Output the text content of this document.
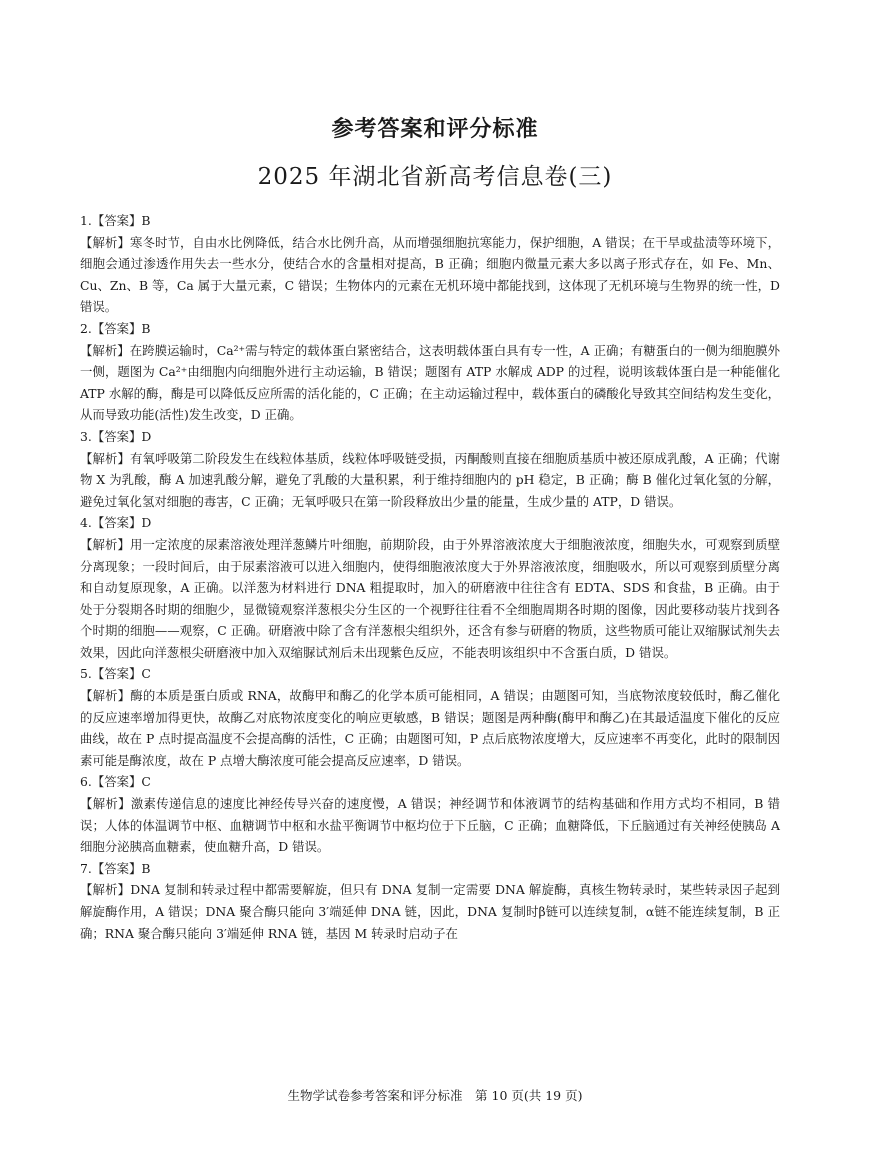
参考答案和评分标准
2025 年湖北省新高考信息卷(三)
1.【答案】B
【解析】寒冬时节，自由水比例降低，结合水比例升高，从而增强细胞抗寒能力，保护细胞，A 错误；在干旱或盐渍等环境下，细胞会通过渗透作用失去一些水分，使结合水的含量相对提高，B 正确；细胞内微量元素大多以离子形式存在，如 Fe、Mn、Cu、Zn、B 等，Ca 属于大量元素，C 错误；生物体内的元素在无机环境中都能找到，这体现了无机环境与生物界的统一性，D 错误。
2.【答案】B
【解析】在跨膜运输时，Ca²⁺需与特定的载体蛋白紧密结合，这表明载体蛋白具有专一性，A 正确；有糖蛋白的一侧为细胞膜外一侧，题图为 Ca²⁺由细胞内向细胞外进行主动运输，B 错误；题图有 ATP 水解成 ADP 的过程，说明该载体蛋白是一种能催化 ATP 水解的酶，酶是可以降低反应所需的活化能的，C 正确；在主动运输过程中，载体蛋白的磷酸化导致其空间结构发生变化，从而导致功能(活性)发生改变，D 正确。
3.【答案】D
【解析】有氧呼吸第二阶段发生在线粒体基质，线粒体呼吸链受损，丙酮酸则直接在细胞质基质中被还原成乳酸，A 正确；代谢物 X 为乳酸，酶 A 加速乳酸分解，避免了乳酸的大量积累，利于维持细胞内的 pH 稳定，B 正确；酶 B 催化过氧化氢的分解，避免过氧化氢对细胞的毒害，C 正确；无氧呼吸只在第一阶段释放出少量的能量，生成少量的 ATP，D 错误。
4.【答案】D
【解析】用一定浓度的尿素溶液处理洋葱鳞片叶细胞，前期阶段，由于外界溶液浓度大于细胞液浓度，细胞失水，可观察到质壁分离现象；一段时间后，由于尿素溶液可以进入细胞内，使得细胞液浓度大于外界溶液浓度，细胞吸水，所以可观察到质壁分离和自动复原现象，A 正确。以洋葱为材料进行 DNA 粗提取时，加入的研磨液中往往含有 EDTA、SDS 和食盐，B 正确。由于处于分裂期各时期的细胞少，显微镜观察洋葱根尖分生区的一个视野往往看不全细胞周期各时期的图像，因此要移动装片找到各个时期的细胞——观察，C 正确。研磨液中除了含有洋葱根尖组织外，还含有参与研磨的物质，这些物质可能让双缩脲试剂失去效果，因此向洋葱根尖研磨液中加入双缩脲试剂后未出现紫色反应，不能表明该组织中不含蛋白质，D 错误。
5.【答案】C
【解析】酶的本质是蛋白质或 RNA，故酶甲和酶乙的化学本质可能相同，A 错误；由题图可知，当底物浓度较低时，酶乙催化的反应速率增加得更快，故酶乙对底物浓度变化的响应更敏感，B 错误；题图是两种酶(酶甲和酶乙)在其最适温度下催化的反应曲线，故在 P 点时提高温度不会提高酶的活性，C 正确；由题图可知，P 点后底物浓度增大，反应速率不再变化，此时的限制因素可能是酶浓度，故在 P 点增大酶浓度可能会提高反应速率，D 错误。
6.【答案】C
【解析】激素传递信息的速度比神经传导兴奋的速度慢，A 错误；神经调节和体液调节的结构基础和作用方式均不相同，B 错误；人体的体温调节中枢、血糖调节中枢和水盐平衡调节中枢均位于下丘脑，C 正确；血糖降低，下丘脑通过有关神经使胰岛 A 细胞分泌胰高血糖素，使血糖升高，D 错误。
7.【答案】B
【解析】DNA 复制和转录过程中都需要解旋，但只有 DNA 复制一定需要 DNA 解旋酶，真核生物转录时，某些转录因子起到解旋酶作用，A 错误；DNA 聚合酶只能向 3′端延伸 DNA 链，因此，DNA 复制时β链可以连续复制，α链不能连续复制，B 正确；RNA 聚合酶只能向 3′端延伸 RNA 链，基因 M 转录时启动子在
生物学试卷参考答案和评分标准　第 10 页(共 19 页)
